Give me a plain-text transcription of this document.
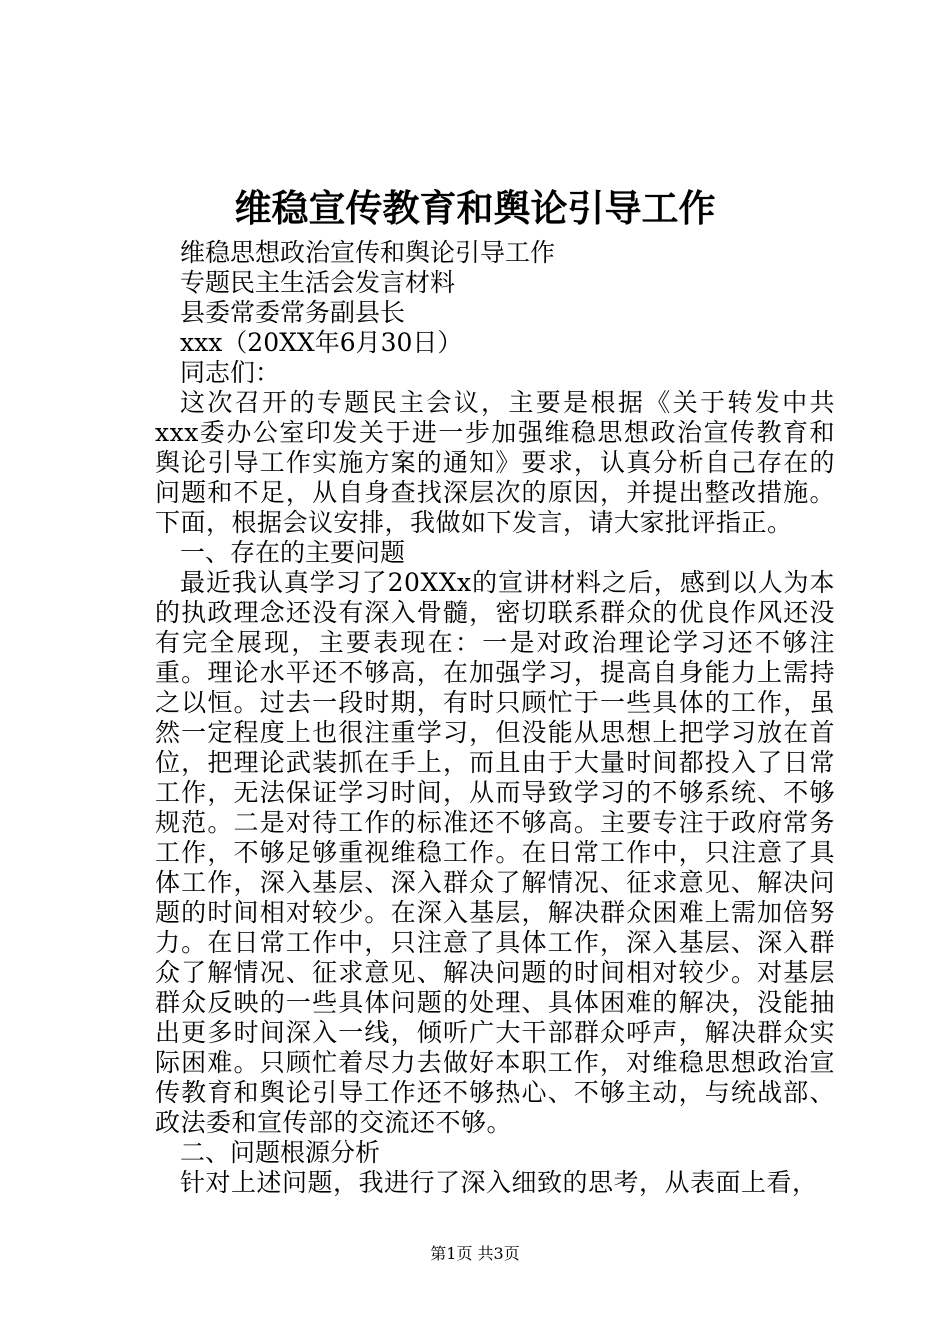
维稳宣传教育和舆论引导工作

维稳思想政治宣传和舆论引导工作

专题民主生活会发言材料

县委常委常务副县长

xxx（20XX年6月30日）

同志们：

这次召开的专题民主会议，主要是根据《关于转发中共xxx委办公室印发关于进一步加强维稳思想政治宣传教育和舆论引导工作实施方案的通知》要求，认真分析自己存在的问题和不足，从自身查找深层次的原因，并提出整改措施。下面，根据会议安排，我做如下发言，请大家批评指正。

一、存在的主要问题

最近我认真学习了20XXx的宣讲材料之后，感到以人为本的执政理念还没有深入骨髓，密切联系群众的优良作风还没有完全展现，主要表现在：一是对政治理论学习还不够注重。理论水平还不够高，在加强学习，提高自身能力上需持之以恒。过去一段时期，有时只顾忙于一些具体的工作，虽然一定程度上也很注重学习，但没能从思想上把学习放在首位，把理论武装抓在手上，而且由于大量时间都投入了日常工作，无法保证学习时间，从而导致学习的不够系统、不够规范。二是对待工作的标准还不够高。主要专注于政府常务工作，不够足够重视维稳工作。在日常工作中，只注意了具体工作，深入基层、深入群众了解情况、征求意见、解决问题的时间相对较少。在深入基层，解决群众困难上需加倍努力。在日常工作中，只注意了具体工作，深入基层、深入群众了解情况、征求意见、解决问题的时间相对较少。对基层群众反映的一些具体问题的处理、具体困难的解决，没能抽出更多时间深入一线，倾听广大干部群众呼声，解决群众实际困难。只顾忙着尽力去做好本职工作，对维稳思想政治宣传教育和舆论引导工作还不够热心、不够主动，与统战部、政法委和宣传部的交流还不够。

二、问题根源分析

针对上述问题，我进行了深入细致的思考，从表面上看，

第1页 共3页
